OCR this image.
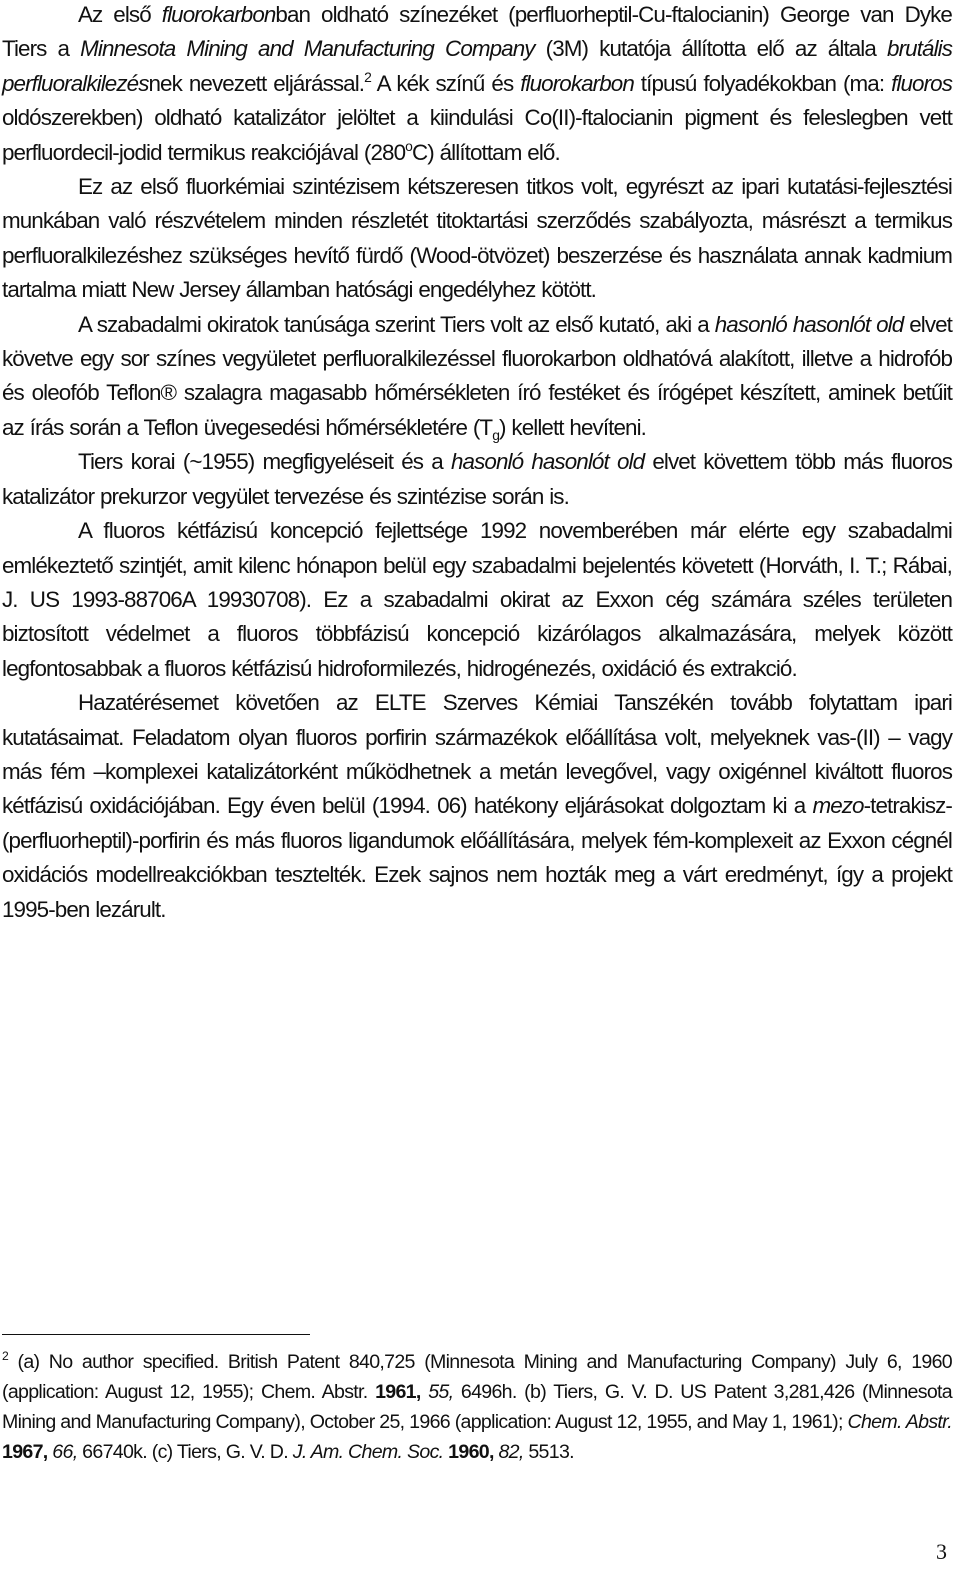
Az első fluorokarbonban oldható színezéket (perfluorheptil-Cu-ftalocianin) George van Dyke Tiers a Minnesota Mining and Manufacturing Company (3M) kutatója állította elő az általa brutális perfluoralkilezésnek nevezett eljárással.$^2$ A kék színű és fluorokarbon típusú folyadékokban (ma: fluoros oldószerekben) oldható katalizátor jelöltet a kiindulási Co(II)-ftalocianin pigment és feleslegben vett perfluordecil-jodid termikus reakciójával (280$^o$C) állítottam elő.

Ez az első fluorkémiai szintézisem kétszeresen titkos volt, egyrészt az ipari kutatási-fejlesztési munkában való részvételem minden részletét titoktartási szerződés szabályozta, másrészt a termikus perfluoralkilezéshez szükséges hevítő fürdő (Wood-ötvözet) beszerzése és használata annak kadmium tartalma miatt New Jersey államban hatósági engedélyhez kötött.

A szabadalmi okiratok tanúsága szerint Tiers volt az első kutató, aki a hasonló hasonlót old elvet követve egy sor színes vegyületet perfluoralkilezéssel fluorokarbon oldhatóvá alakított, illetve a hidrofób és oleofób Teflon® szalagra magasabb hőmérsékleten író festéket és írógépet készített, aminek betűit az írás során a Teflon üvegesedési hőmérsékletére $(T_g)$ kellett hevíteni.

Tiers korai (~1955) megfigyeléseit és a hasonló hasonlót old elvet követtem több más fluoros katalizátor prekurzor vegyület tervezése és szintézise során is.

A fluoros kétfázisú koncepció fejlettsége 1992 novemberében már elérte egy szabadalmi emlékeztető szintjét, amit kilenc hónapon belül egy szabadalmi bejelentés követett (Horváth, I. T.; Rábai, J. US 1993-88706A 19930708). Ez a szabadalmi okirat az Exxon cég számára széles területen biztosított védelmet a fluoros többfázisú koncepció kizárólagos alkalmazására, melyek között legfontosabbak a fluoros kétfázisú hidroformilezés, hidrogénezés, oxidáció és extrakció.

Hazatérésemet követően az ELTE Szerves Kémiai Tanszékén tovább folytattam ipari kutatásaimat. Feladatom olyan fluoros porfirin származékok előállítása volt, melyeknek vas-(II) – vagy más fém –komplexei katalizátorként működhetnek a metán levegővel, vagy oxigénnel kiváltott fluoros kétfázisú oxidációjában. Egy éven belül (1994. 06) hatékony eljárásokat dolgoztam ki a mezo-tetrakisz-(perfluorheptil)-porfirin és más fluoros ligandumok előállítására, melyek fém-komplexeit az Exxon cégnél oxidációs modellreakciókban tesztelték. Ezek sajnos nem hozták meg a várt eredményt, így a projekt 1995-ben lezárult.

$^2$ (a) No author specified. British Patent 840,725 (Minnesota Mining and Manufacturing Company) July 6, 1960 (application: August 12, 1955); Chem. Abstr. 1961, 55, 6496h. (b) Tiers, G. V. D. US Patent 3,281,426 (Minnesota Mining and Manufacturing Company), October 25, 1966 (application: August 12, 1955, and May 1, 1961); Chem. Abstr. 1967, 66, 66740k. (c) Tiers, G. V. D. J. Am. Chem. Soc. 1960, 82, 5513.

3
